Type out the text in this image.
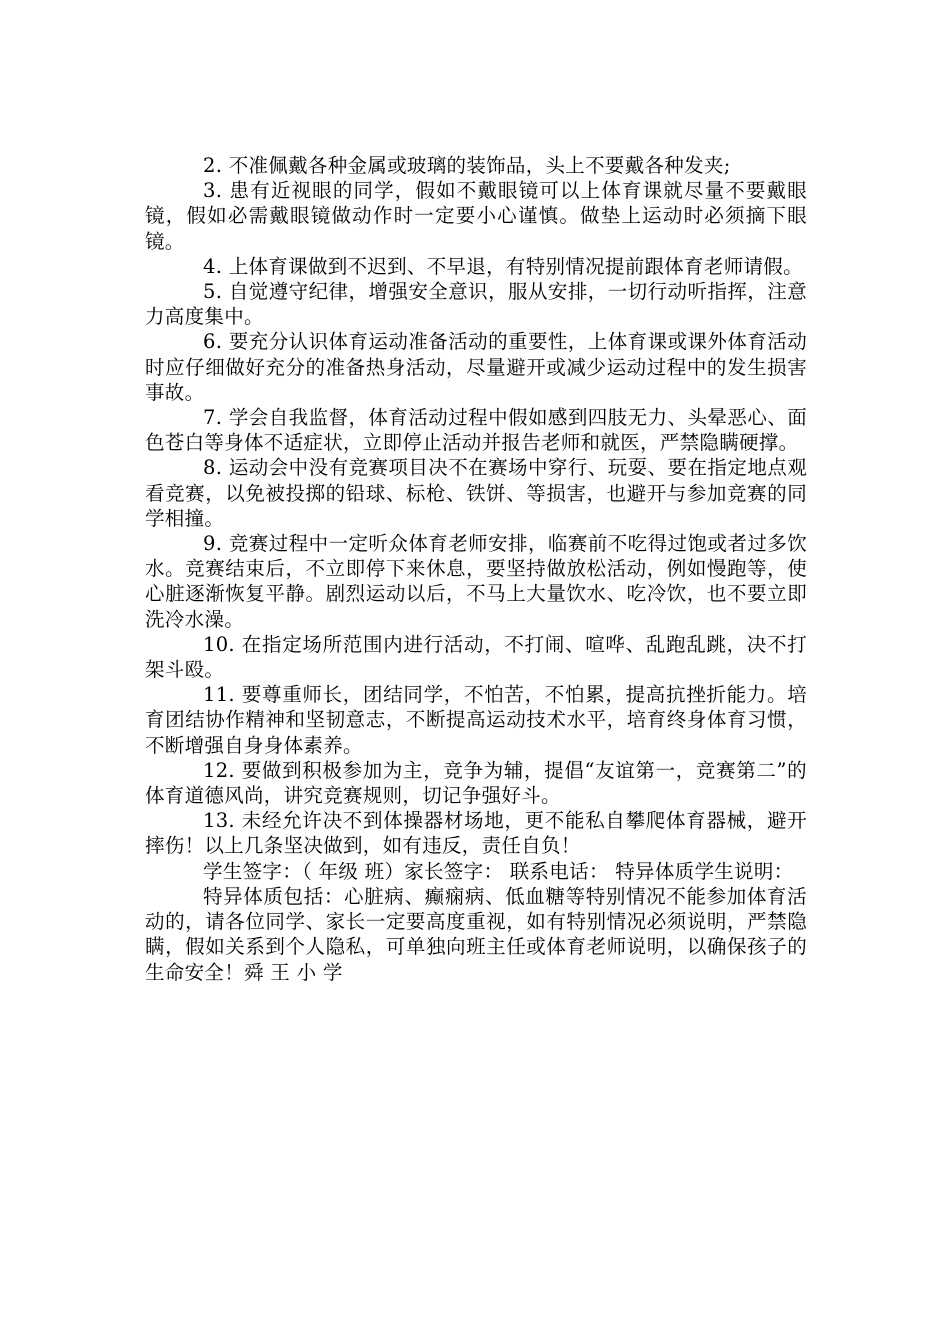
2. 不准佩戴各种金属或玻璃的装饰品，头上不要戴各种发夹;

3. 患有近视眼的同学，假如不戴眼镜可以上体育课就尽量不要戴眼镜，假如必需戴眼镜做动作时一定要小心谨慎。做垫上运动时必须摘下眼镜。

4. 上体育课做到不迟到、不早退，有特别情况提前跟体育老师请假。

5. 自觉遵守纪律，增强安全意识，服从安排，一切行动听指挥，注意力高度集中。

6. 要充分认识体育运动准备活动的重要性，上体育课或课外体育活动时应仔细做好充分的准备热身活动，尽量避开或减少运动过程中的发生损害事故。

7. 学会自我监督，体育活动过程中假如感到四肢无力、头晕恶心、面色苍白等身体不适症状，立即停止活动并报告老师和就医，严禁隐瞒硬撑。

8. 运动会中没有竞赛项目决不在赛场中穿行、玩耍、要在指定地点观看竞赛，以免被投掷的铅球、标枪、铁饼、等损害，也避开与参加竞赛的同学相撞。

9. 竞赛过程中一定听众体育老师安排，临赛前不吃得过饱或者过多饮水。竞赛结束后，不立即停下来休息，要坚持做放松活动，例如慢跑等，使心脏逐渐恢复平静。剧烈运动以后，不马上大量饮水、吃冷饮，也不要立即洗冷水澡。

10. 在指定场所范围内进行活动，不打闹、喧哗、乱跑乱跳，决不打架斗殴。

11. 要尊重师长，团结同学，不怕苦，不怕累，提高抗挫折能力。培育团结协作精神和坚韧意志，不断提高运动技术水平，培育终身体育习惯，不断增强自身身体素养。

12. 要做到积极参加为主，竞争为辅，提倡“友谊第一，竞赛第二”的体育道德风尚，讲究竞赛规则，切记争强好斗。

13. 未经允许决不到体操器材场地，更不能私自攀爬体育器械，避开摔伤！以上几条坚决做到，如有违反，责任自负！

学生签字：（ 年级 班）家长签字： 联系电话： 特异体质学生说明：

特异体质包括：心脏病、癫痫病、低血糖等特别情况不能参加体育活动的，请各位同学、家长一定要高度重视，如有特别情况必须说明，严禁隐瞒，假如关系到个人隐私，可单独向班主任或体育老师说明，以确保孩子的生命安全！舜 王 小 学
